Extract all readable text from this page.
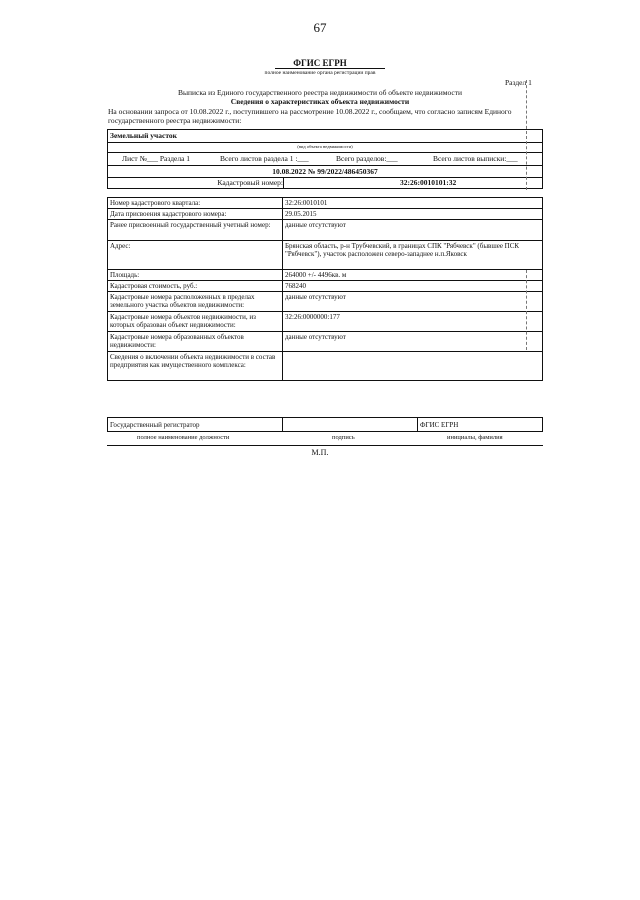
67
ФГИС ЕГРН
полное наименование органа регистрации прав
Раздел 1
Выписка из Единого государственного реестра недвижимости об объекте недвижимости
Сведения о характеристиках объекта недвижимости
На основании запроса от 10.08.2022 г., поступившего на рассмотрение 10.08.2022 г., сообщаем, что согласно записям Единого государственного реестра недвижимости:
Земельный участок
(вид объекта недвижимости)
Лист №___ Раздела 1	Всего листов раздела 1 :___	Всего разделов:___	Всего листов выписки:___
10.08.2022 № 99/2022/486450367
Кадастровый номер:	32:26:0010101:32
Номер кадастрового квартала:	32:26:0010101
Дата присвоения кадастрового номера:	29.05.2015
Ранее присвоенный государственный учетный номер:	данные отсутствуют
Адрес:	Брянская область, р-н Трубчевский, в границах СПК "Рябчевск" (бывшее ПСК "Рябчевск"), участок расположен северо-западнее н.п.Яковск
Площадь:	264000 +/- 4496кв. м
Кадастровая стоимость, руб.:	768240
Кадастровые номера расположенных в пределах земельного участка объектов недвижимости:	данные отсутствуют
Кадастровые номера объектов недвижимости, из которых образован объект недвижимости:	32:26:0000000:177
Кадастровые номера образованных объектов недвижимости:	данные отсутствуют
Сведения о включении объекта недвижимости в состав предприятия как имущественного комплекса:	
Государственный регистратор		ФГИС ЕГРН
полное наименование должности	подпись	инициалы, фамилия
М.П.
